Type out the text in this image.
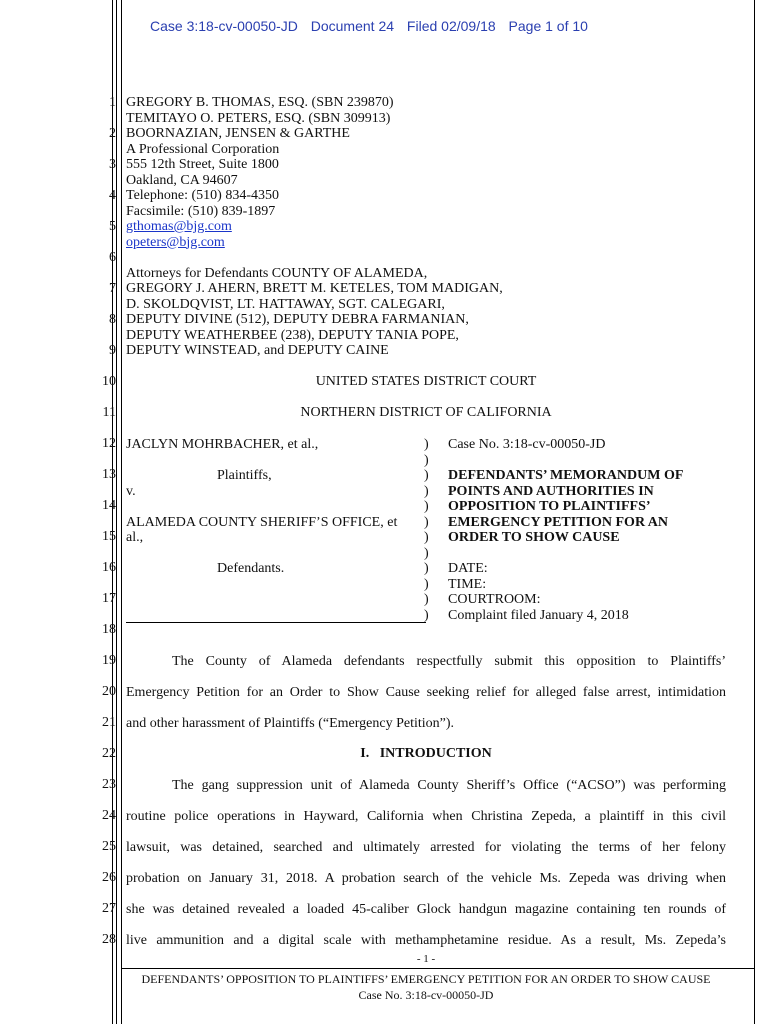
Case 3:18-cv-00050-JD Document 24 Filed 02/09/18 Page 1 of 10
1
2
3
4
5
6
7
8
9
10
11
12
13
14
15
16
17
18
19
20
21
22
23
24
25
26
27
28
GREGORY B. THOMAS, ESQ. (SBN 239870)
TEMITAYO O. PETERS, ESQ. (SBN 309913)
BOORNAZIAN, JENSEN & GARTHE
A Professional Corporation
555 12th Street, Suite 1800
Oakland, CA 94607
Telephone: (510) 834-4350
Facsimile: (510) 839-1897
gthomas@bjg.com
opeters@bjg.com
Attorneys for Defendants COUNTY OF ALAMEDA,
GREGORY J. AHERN, BRETT M. KETELES, TOM MADIGAN,
D. SKOLDQVIST, LT. HATTAWAY, SGT. CALEGARI,
DEPUTY DIVINE (512), DEPUTY DEBRA FARMANIAN,
DEPUTY WEATHERBEE (238), DEPUTY TANIA POPE,
DEPUTY WINSTEAD, and DEPUTY CAINE
UNITED STATES DISTRICT COURT
NORTHERN DISTRICT OF CALIFORNIA
JACLYN MOHRBACHER, et al.,
Plaintiffs,
v.
ALAMEDA COUNTY SHERIFF’S OFFICE, et
al.,
Defendants.
)
)
)
)
)
)
)
)
)
)
)
)
Case No. 3:18-cv-00050-JD
DEFENDANTS’ MEMORANDUM OF
POINTS AND AUTHORITIES IN
OPPOSITION TO PLAINTIFFS’
EMERGENCY PETITION FOR AN
ORDER TO SHOW CAUSE
DATE:
TIME:
COURTROOM:
Complaint filed January 4, 2018
The County of Alameda defendants respectfully submit this opposition to Plaintiffs’
Emergency Petition for an Order to Show Cause seeking relief for alleged false arrest, intimidation
and other harassment of Plaintiffs (“Emergency Petition”).
I.   INTRODUCTION
The gang suppression unit of Alameda County Sheriff’s Office (“ACSO”) was performing
routine police operations in Hayward, California when Christina Zepeda, a plaintiff in this civil
lawsuit, was detained, searched and ultimately arrested for violating the terms of her felony
probation on January 31, 2018. A probation search of the vehicle Ms. Zepeda was driving when
she was detained revealed a loaded 45-caliber Glock handgun magazine containing ten rounds of
live ammunition and a digital scale with methamphetamine residue. As a result, Ms. Zepeda’s
- 1 -
DEFENDANTS’ OPPOSITION TO PLAINTIFFS’ EMERGENCY PETITION FOR AN ORDER TO SHOW CAUSE
Case No. 3:18-cv-00050-JD
